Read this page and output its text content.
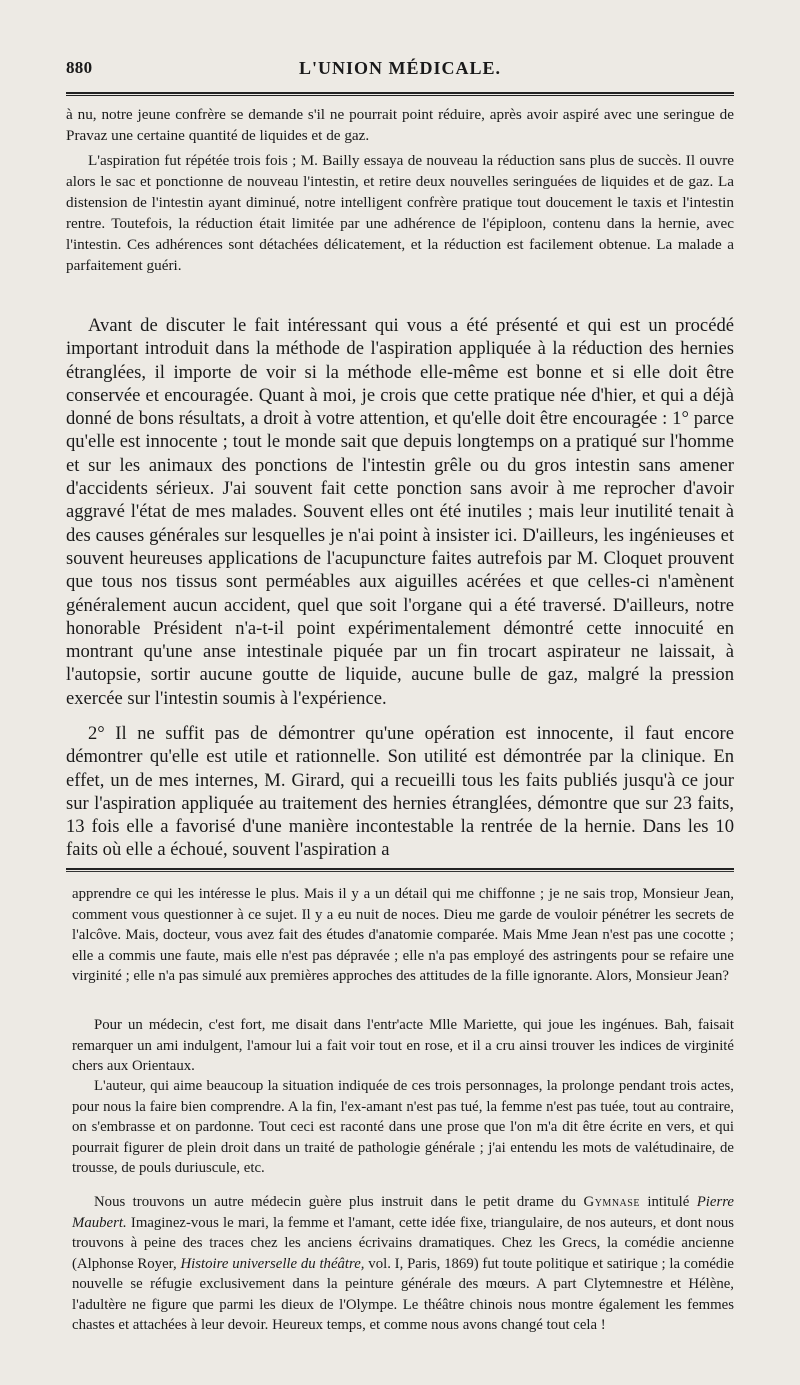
880	L'UNION MÉDICALE.

à nu, notre jeune confrère se demande s'il ne pourrait point réduire, après avoir aspiré avec une seringue de Pravaz une certaine quantité de liquides et de gaz.

L'aspiration fut répétée trois fois ; M. Bailly essaya de nouveau la réduction sans plus de succès. Il ouvre alors le sac et ponctionne de nouveau l'intestin, et retire deux nouvelles seringuées de liquides et de gaz. La distension de l'intestin ayant diminué, notre intelligent confrère pratique tout doucement le taxis et l'intestin rentre. Toutefois, la réduction était limitée par une adhérence de l'épiploon, contenu dans la hernie, avec l'intestin. Ces adhérences sont détachées délicatement, et la réduction est facilement obtenue. La malade a parfaitement guéri.

Avant de discuter le fait intéressant qui vous a été présenté et qui est un procédé important introduit dans la méthode de l'aspiration appliquée à la réduction des hernies étranglées, il importe de voir si la méthode elle-même est bonne et si elle doit être conservée et encouragée. Quant à moi, je crois que cette pratique née d'hier, et qui a déjà donné de bons résultats, a droit à votre attention, et qu'elle doit être encouragée : 1° parce qu'elle est innocente ; tout le monde sait que depuis longtemps on a pratiqué sur l'homme et sur les animaux des ponctions de l'intestin grêle ou du gros intestin sans amener d'accidents sérieux. J'ai souvent fait cette ponction sans avoir à me reprocher d'avoir aggravé l'état de mes malades. Souvent elles ont été inutiles ; mais leur inutilité tenait à des causes générales sur lesquelles je n'ai point à insister ici. D'ailleurs, les ingénieuses et souvent heureuses applications de l'acupuncture faites autrefois par M. Cloquet prouvent que tous nos tissus sont perméables aux aiguilles acérées et que celles-ci n'amènent généralement aucun accident, quel que soit l'organe qui a été traversé. D'ailleurs, notre honorable Président n'a-t-il point expérimentalement démontré cette innocuité en montrant qu'une anse intestinale piquée par un fin trocart aspirateur ne laissait, à l'autopsie, sortir aucune goutte de liquide, aucune bulle de gaz, malgré la pression exercée sur l'intestin soumis à l'expérience.

2° Il ne suffit pas de démontrer qu'une opération est innocente, il faut encore démontrer qu'elle est utile et rationnelle. Son utilité est démontrée par la clinique. En effet, un de mes internes, M. Girard, qui a recueilli tous les faits publiés jusqu'à ce jour sur l'aspiration appliquée au traitement des hernies étranglées, démontre que sur 23 faits, 13 fois elle a favorisé d'une manière incontestable la rentrée de la hernie. Dans les 10 faits où elle a échoué, souvent l'aspiration a

apprendre ce qui les intéresse le plus. Mais il y a un détail qui me chiffonne ; je ne sais trop, Monsieur Jean, comment vous questionner à ce sujet. Il y a eu nuit de noces. Dieu me garde de vouloir pénétrer les secrets de l'alcôve. Mais, docteur, vous avez fait des études d'anatomie comparée. Mais Mme Jean n'est pas une cocotte ; elle a commis une faute, mais elle n'est pas dépravée ; elle n'a pas employé des astringents pour se refaire une virginité ; elle n'a pas simulé aux premières approches des attitudes de la fille ignorante. Alors, Monsieur Jean?

Pour un médecin, c'est fort, me disait dans l'entr'acte Mlle Mariette, qui joue les ingénues. Bah, faisait remarquer un ami indulgent, l'amour lui a fait voir tout en rose, et il a cru ainsi trouver les indices de virginité chers aux Orientaux.

L'auteur, qui aime beaucoup la situation indiquée de ces trois personnages, la prolonge pendant trois actes, pour nous la faire bien comprendre. A la fin, l'ex-amant n'est pas tué, la femme n'est pas tuée, tout au contraire, on s'embrasse et on pardonne. Tout ceci est raconté dans une prose que l'on m'a dit être écrite en vers, et qui pourrait figurer de plein droit dans un traité de pathologie générale ; j'ai entendu les mots de valétudinaire, de trousse, de pouls duriuscule, etc.

Nous trouvons un autre médecin guère plus instruit dans le petit drame du Gymnase intitulé Pierre Maubert. Imaginez-vous le mari, la femme et l'amant, cette idée fixe, triangulaire, de nos auteurs, et dont nous trouvons à peine des traces chez les anciens écrivains dramatiques. Chez les Grecs, la comédie ancienne (Alphonse Royer, Histoire universelle du théâtre, vol. I, Paris, 1869) fut toute politique et satirique ; la comédie nouvelle se réfugie exclusivement dans la peinture générale des mœurs. A part Clytemnestre et Hélène, l'adultère ne figure que parmi les dieux de l'Olympe. Le théâtre chinois nous montre également les femmes chastes et attachées à leur devoir. Heureux temps, et comme nous avons changé tout cela !
